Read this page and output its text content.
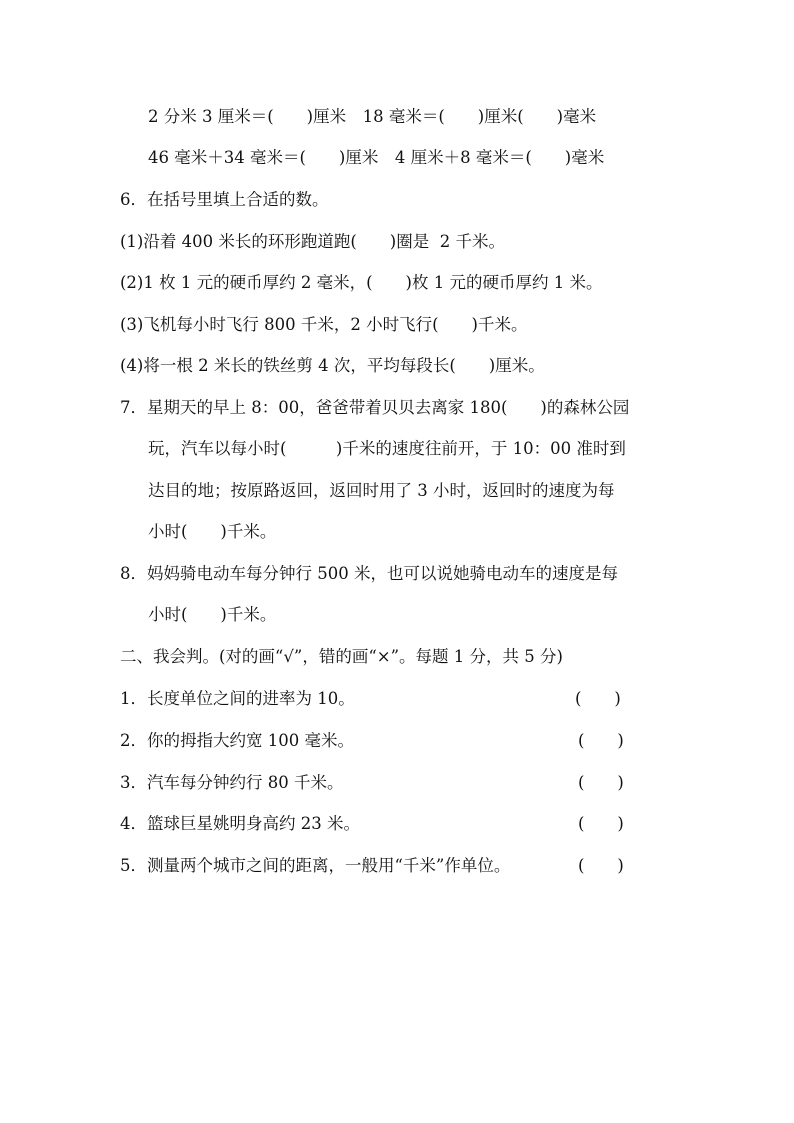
2 分米 3 厘米＝(　　)厘米　18 毫米＝(　　)厘米(　　)毫米
46 毫米＋34 毫米＝(　　)厘米　4 厘米＋8 毫米＝(　　)毫米
6．在括号里填上合适的数。
(1)沿着 400 米长的环形跑道跑(　　)圈是  2 千米。
(2)1 枚 1 元的硬币厚约 2 毫米，(　　)枚 1 元的硬币厚约 1 米。
(3)飞机每小时飞行 800 千米，2 小时飞行(　　)千米。
(4)将一根 2 米长的铁丝剪 4 次，平均每段长(　　)厘米。
7．星期天的早上 8：00，爸爸带着贝贝去离家 180(　　)的森林公园
玩，汽车以每小时(　　　)千米的速度往前开，于 10：00 准时到
达目的地；按原路返回，返回时用了 3 小时，返回时的速度为每
小时(　　)千米。
8．妈妈骑电动车每分钟行 500 米，也可以说她骑电动车的速度是每
小时(　　)千米。
二、我会判。(对的画“√”，错的画“×”。每题 1 分，共 5 分)
1．长度单位之间的进率为 10。	(　　)
2．你的拇指大约宽 100 毫米。	(　　)
3．汽车每分钟约行 80 千米。	(　　)
4．篮球巨星姚明身高约 23 米。	(　　)
5．测量两个城市之间的距离，一般用“千米”作单位。	(　　)
